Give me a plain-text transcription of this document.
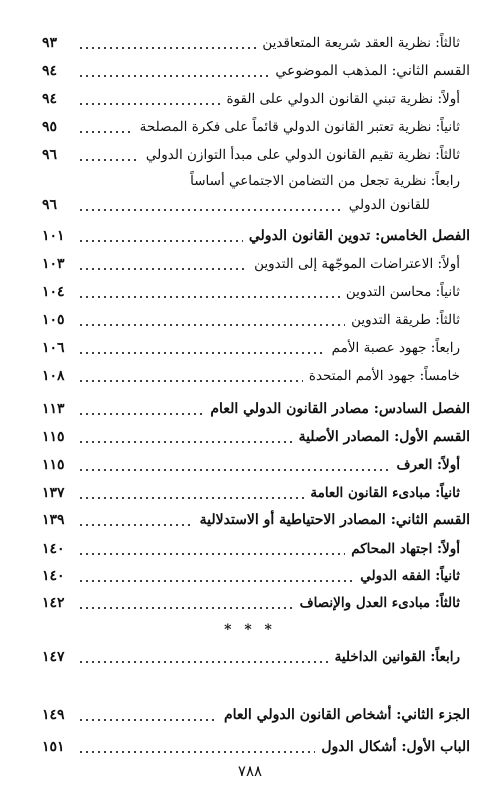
٩٣	ثالثاً: نظرية العقد شريعة المتعاقدين
٩٤	القسم الثاني: المذهب الموضوعي
٩٤	أولاً: نظرية تبني القانون الدولي على القوة
٩٥	ثانياً: نظرية تعتبر القانون الدولي قائماً على فكرة المصلحة
٩٦	ثالثاً: نظرية تقيم القانون الدولي على مبدأ التوازن الدولي
رابعاً: نظرية تجعل من التضامن الاجتماعي أساساً
٩٦	للقانون الدولي
١٠١	الفصل الخامس: تدوين القانون الدولي
١٠٣	أولاً: الاعتراضات الموجّهة إلى التدوين
١٠٤	ثانياً: محاسن التدوين
١٠٥	ثالثاً: طريقة التدوين
١٠٦	رابعاً: جهود عصبة الأمم
١٠٨	خامساً: جهود الأمم المتحدة
١١٣	الفصل السادس: مصادر القانون الدولي العام
١١٥	القسم الأول: المصادر الأصلية
١١٥	أولاً: العرف
١٣٧	ثانياً: مبادىء القانون العامة
١٣٩	القسم الثاني: المصادر الاحتياطية أو الاستدلالية
١٤٠	أولاً: اجتهاد المحاكم
١٤٠	ثانياً: الفقه الدولي
١٤٢	ثالثاً: مبادىء العدل والإنصاف
١٤٧	رابعاً: القوانين الداخلية
١٤٩	الجزء الثاني: أشخاص القانون الدولي العام
١٥١	الباب الأول: أشكال الدول
* * *
٧٨٨
